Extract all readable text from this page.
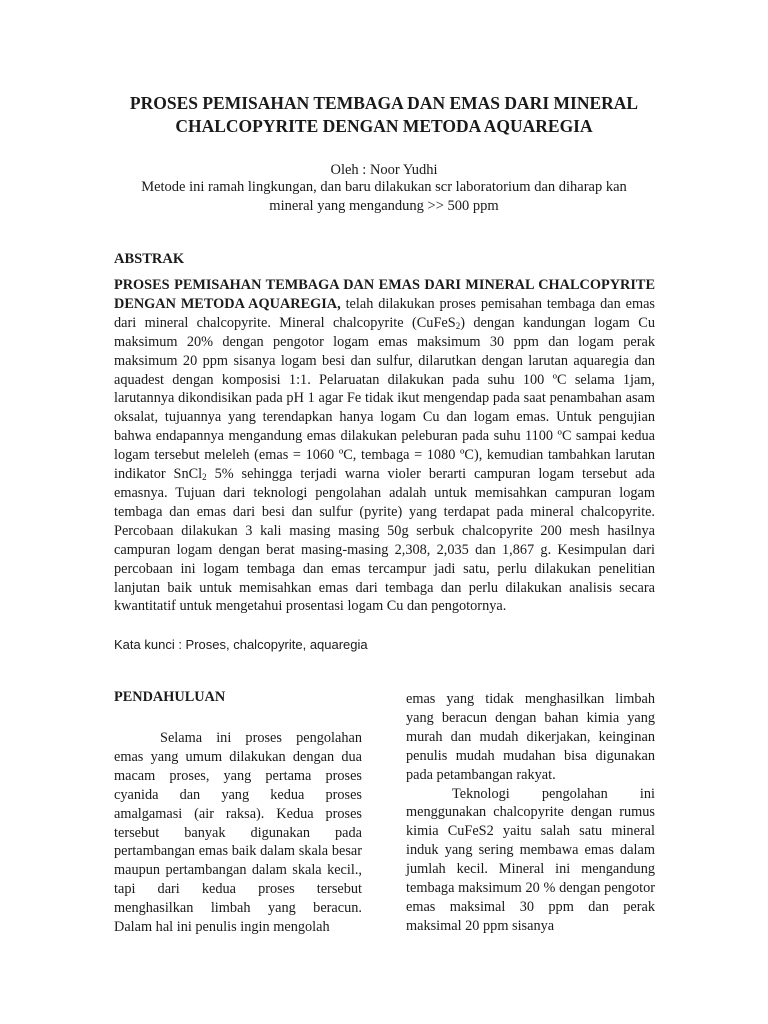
PROSES PEMISAHAN TEMBAGA DAN EMAS DARI MINERAL
CHALCOPYRITE DENGAN METODA AQUAREGIA
Oleh : Noor Yudhi
Metode ini ramah lingkungan, dan baru dilakukan scr laboratorium dan diharap kan mineral yang mengandung >> 500 ppm
ABSTRAK
PROSES PEMISAHAN TEMBAGA DAN EMAS DARI MINERAL CHALCOPYRITE DENGAN METODA AQUAREGIA, telah dilakukan proses pemisahan tembaga dan emas dari mineral chalcopyrite. Mineral chalcopyrite (CuFeS$_2$) dengan kandungan logam Cu maksimum 20% dengan pengotor logam emas maksimum 30 ppm dan logam perak maksimum 20 ppm sisanya logam besi dan sulfur, dilarutkan dengan larutan aquaregia dan aquadest dengan komposisi 1:1. Pelaruatan dilakukan pada suhu 100 ºC selama 1jam, larutannya dikondisikan pada pH 1 agar Fe tidak ikut mengendap pada saat penambahan asam oksalat, tujuannya yang terendapkan hanya logam Cu dan logam emas. Untuk pengujian bahwa endapannya mengandung emas dilakukan peleburan pada suhu 1100 ºC sampai kedua logam tersebut meleleh (emas = 1060 ºC, tembaga = 1080 ºC), kemudian tambahkan larutan indikator SnCl$_2$ 5% sehingga terjadi warna violer berarti campuran logam tersebut ada emasnya. Tujuan dari teknologi pengolahan adalah untuk memisahkan campuran logam tembaga dan emas dari besi dan sulfur (pyrite) yang terdapat pada mineral chalcopyrite. Percobaan dilakukan 3 kali masing masing 50g serbuk chalcopyrite 200 mesh hasilnya campuran logam dengan berat masing-masing 2,308, 2,035 dan 1,867 g. Kesimpulan dari percobaan ini logam tembaga dan emas tercampur jadi satu, perlu dilakukan penelitian lanjutan baik untuk memisahkan emas dari tembaga dan perlu dilakukan analisis secara kwantitatif untuk mengetahui prosentasi logam Cu dan pengotornya.
Kata kunci : Proses, chalcopyrite, aquaregia

PENDAHULUAN

Selama ini proses pengolahan emas yang umum dilakukan dengan dua macam proses, yang pertama proses cyanida dan yang kedua proses amalgamasi (air raksa). Kedua proses tersebut banyak digunakan pada pertambangan emas baik dalam skala besar maupun pertambangan dalam skala kecil., tapi dari kedua proses tersebut menghasilkan limbah yang beracun. Dalam hal ini penulis ingin mengolah

emas yang tidak menghasilkan limbah yang beracun dengan bahan kimia yang murah dan mudah dikerjakan, keinginan penulis mudah mudahan bisa digunakan pada petambangan rakyat.

Teknologi pengolahan ini menggunakan chalcopyrite dengan rumus kimia CuFeS2 yaitu salah satu mineral induk yang sering membawa emas dalam jumlah kecil. Mineral ini mengandung tembaga maksimum 20 % dengan pengotor emas maksimal 30 ppm dan perak maksimal 20 ppm sisanya
